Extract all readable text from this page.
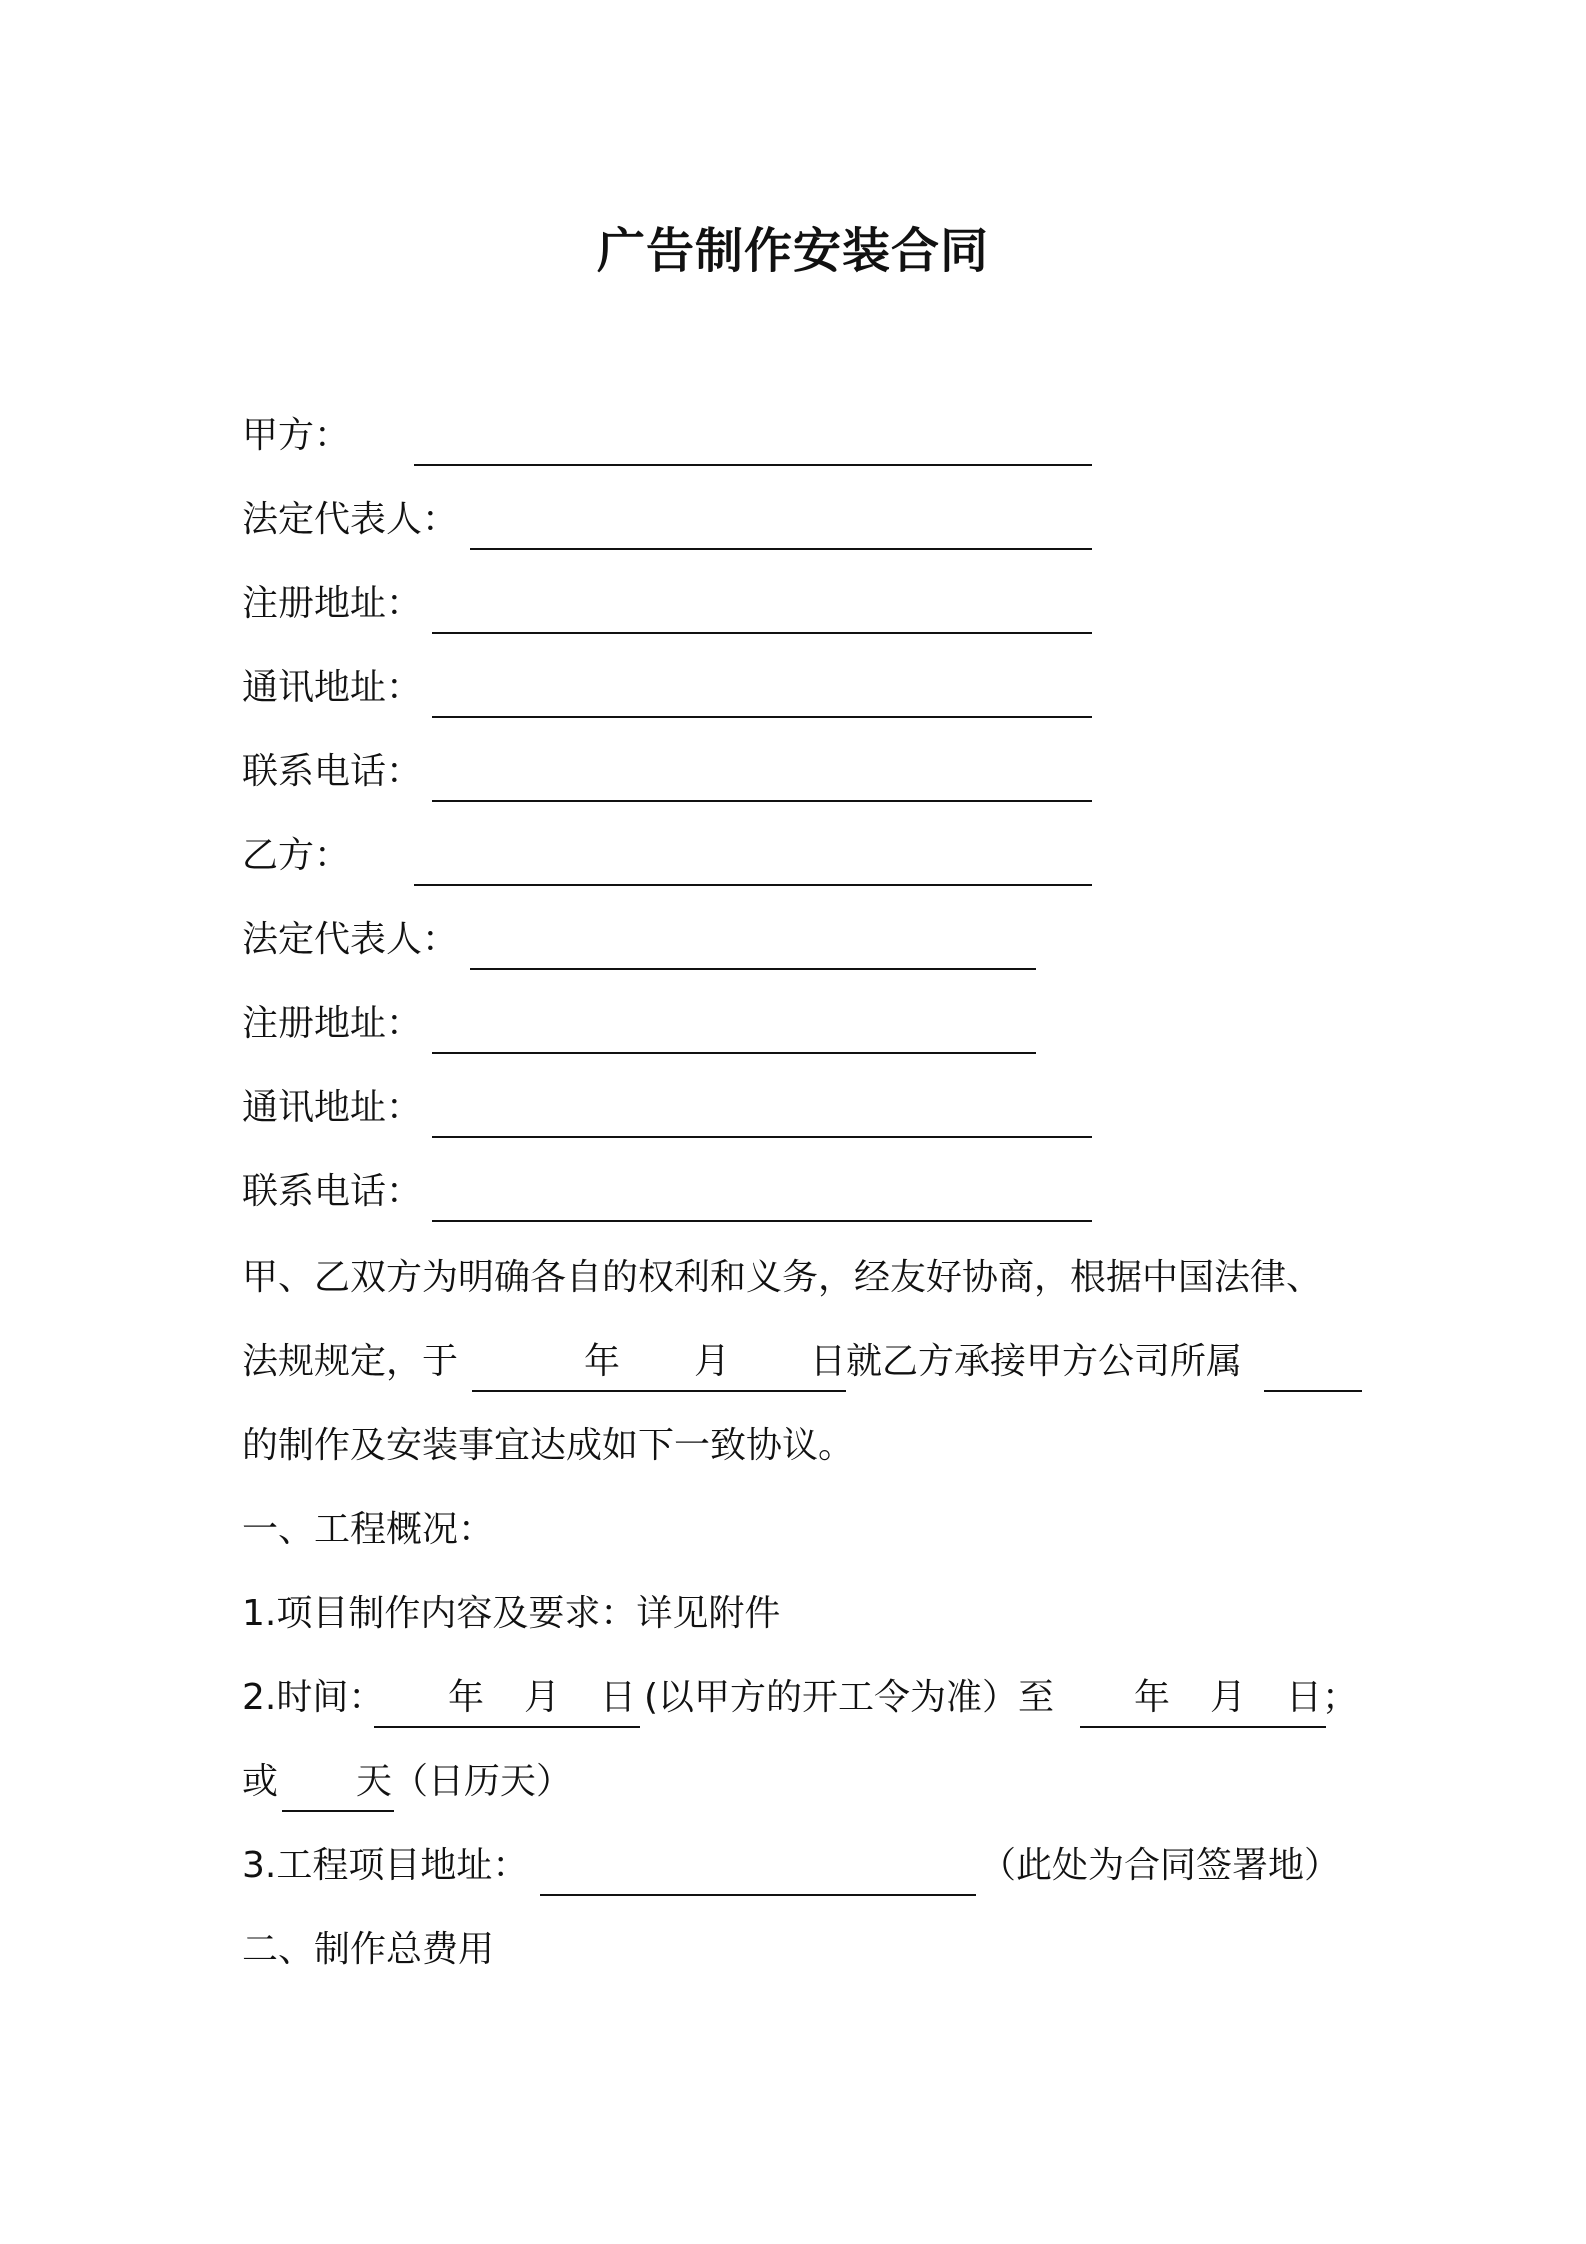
广告制作安装合同
甲方：
法定代表人：
注册地址：
通讯地址：
联系电话：
乙方：
法定代表人：
注册地址：
通讯地址：
联系电话：
甲、乙双方为明确各自的权利和义务，经友好协商，根据中国法律、
法规规定，于	年 月 日就乙方承接甲方公司所属
的制作及安装事宜达成如下一致协议。
一、工程概况：
1.项目制作内容及要求：详见附件
2.时间： 年 月 日 (以甲方的开工令为准）至 年 月 日；
或 天 （日历天）
3.工程项目地址：	（此处为合同签署地）
二、制作总费用
